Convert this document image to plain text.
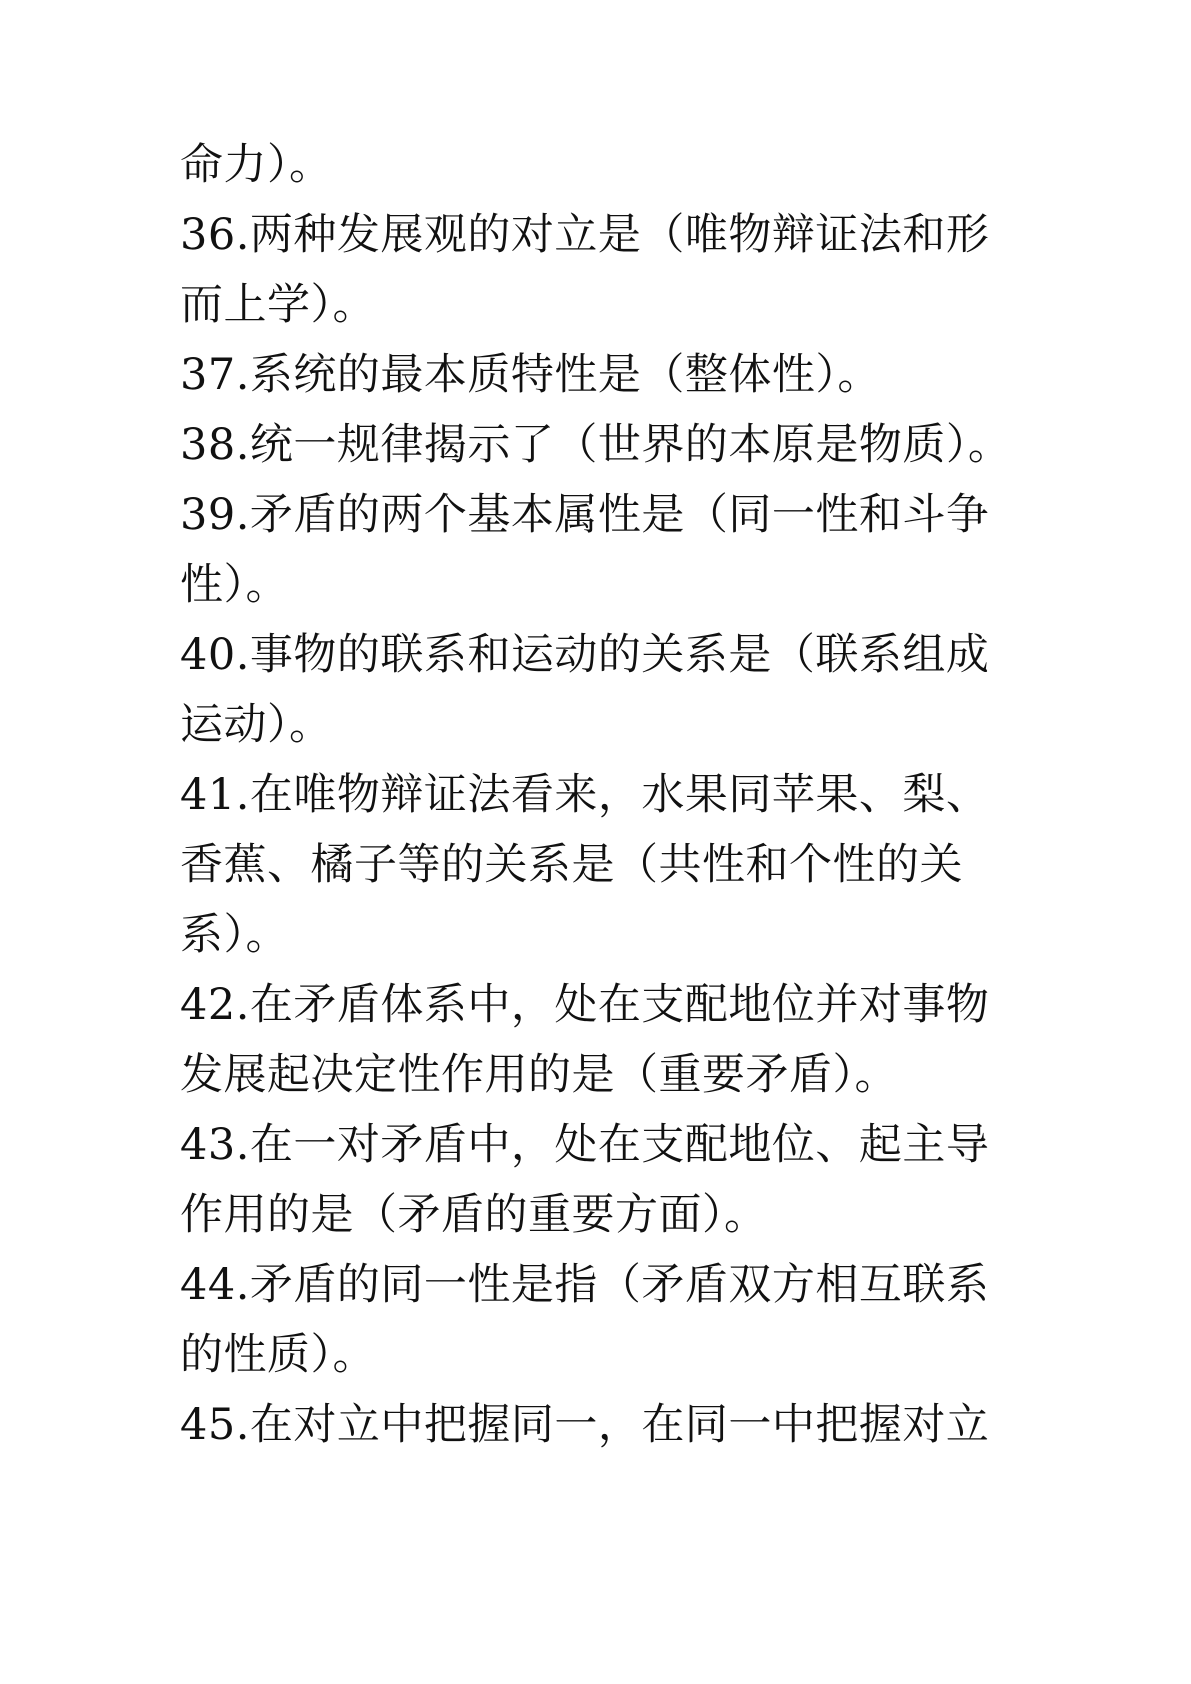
命力）。
36.两种发展观的对立是（唯物辩证法和形
而上学）。
37.系统的最本质特性是（整体性）。
38.统一规律揭示了（世界的本原是物质）。
39.矛盾的两个基本属性是（同一性和斗争
性）。
40.事物的联系和运动的关系是（联系组成
运动）。
41.在唯物辩证法看来，水果同苹果、梨、
香蕉、橘子等的关系是（共性和个性的关
系）。
42.在矛盾体系中，处在支配地位并对事物
发展起决定性作用的是（重要矛盾）。
43.在一对矛盾中，处在支配地位、起主导
作用的是（矛盾的重要方面）。
44.矛盾的同一性是指（矛盾双方相互联系
的性质）。
45.在对立中把握同一，在同一中把握对立
